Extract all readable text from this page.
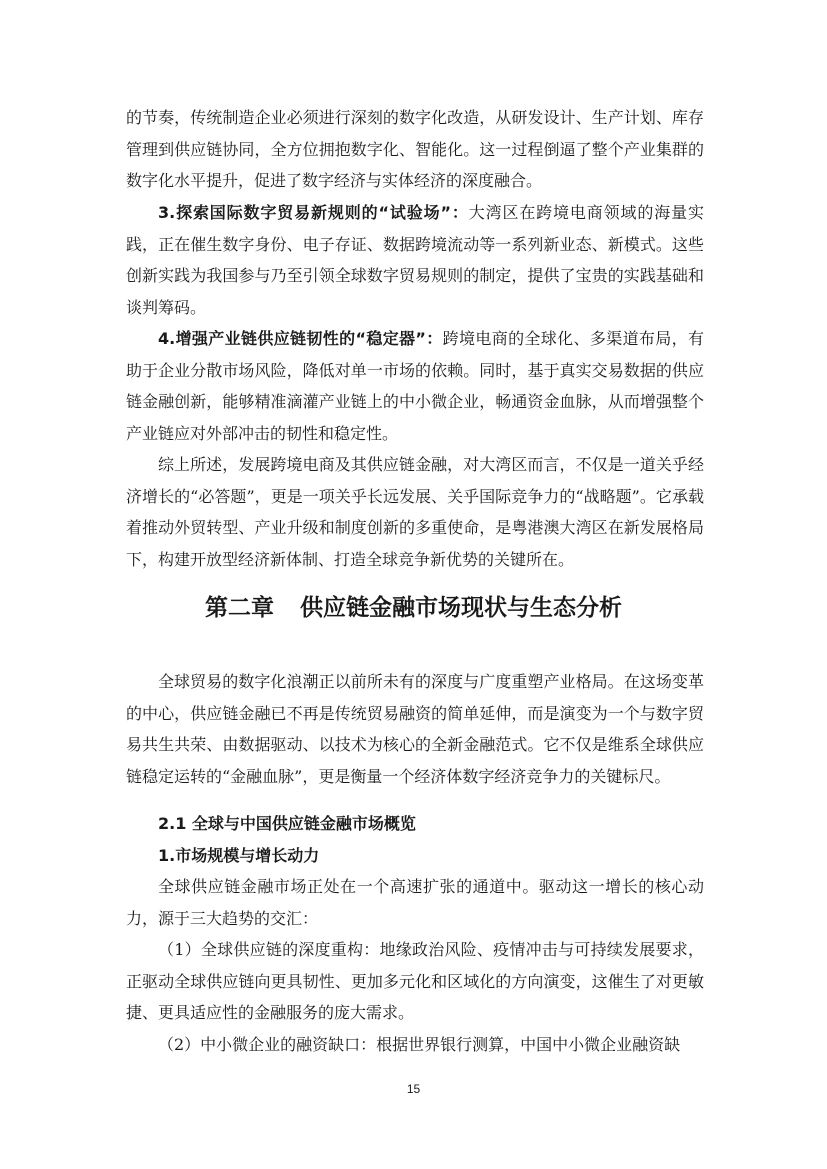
的节奏，传统制造企业必须进行深刻的数字化改造，从研发设计、生产计划、库存管理到供应链协同，全方位拥抱数字化、智能化。这一过程倒逼了整个产业集群的数字化水平提升，促进了数字经济与实体经济的深度融合。

3.探索国际数字贸易新规则的“试验场”：大湾区在跨境电商领域的海量实践，正在催生数字身份、电子存证、数据跨境流动等一系列新业态、新模式。这些创新实践为我国参与乃至引领全球数字贸易规则的制定，提供了宝贵的实践基础和谈判筹码。

4.增强产业链供应链韧性的“稳定器”：跨境电商的全球化、多渠道布局，有助于企业分散市场风险，降低对单一市场的依赖。同时，基于真实交易数据的供应链金融创新，能够精准滴灌产业链上的中小微企业，畅通资金血脉，从而增强整个产业链应对外部冲击的韧性和稳定性。

综上所述，发展跨境电商及其供应链金融，对大湾区而言，不仅是一道关乎经济增长的“必答题”，更是一项关乎长远发展、关乎国际竞争力的“战略题”。它承载着推动外贸转型、产业升级和制度创新的多重使命，是粤港澳大湾区在新发展格局下，构建开放型经济新体制、打造全球竞争新优势的关键所在。

第二章 供应链金融市场现状与生态分析

全球贸易的数字化浪潮正以前所未有的深度与广度重塑产业格局。在这场变革的中心，供应链金融已不再是传统贸易融资的简单延伸，而是演变为一个与数字贸易共生共荣、由数据驱动、以技术为核心的全新金融范式。它不仅是维系全球供应链稳定运转的“金融血脉”，更是衡量一个经济体数字经济竞争力的关键标尺。

2.1 全球与中国供应链金融市场概览

1.市场规模与增长动力

全球供应链金融市场正处在一个高速扩张的通道中。驱动这一增长的核心动力，源于三大趋势的交汇：

（1）全球供应链的深度重构：地缘政治风险、疫情冲击与可持续发展要求，正驱动全球供应链向更具韧性、更加多元化和区域化的方向演变，这催生了对更敏捷、更具适应性的金融服务的庞大需求。

（2）中小微企业的融资缺口：根据世界银行测算，中国中小微企业融资缺

15
